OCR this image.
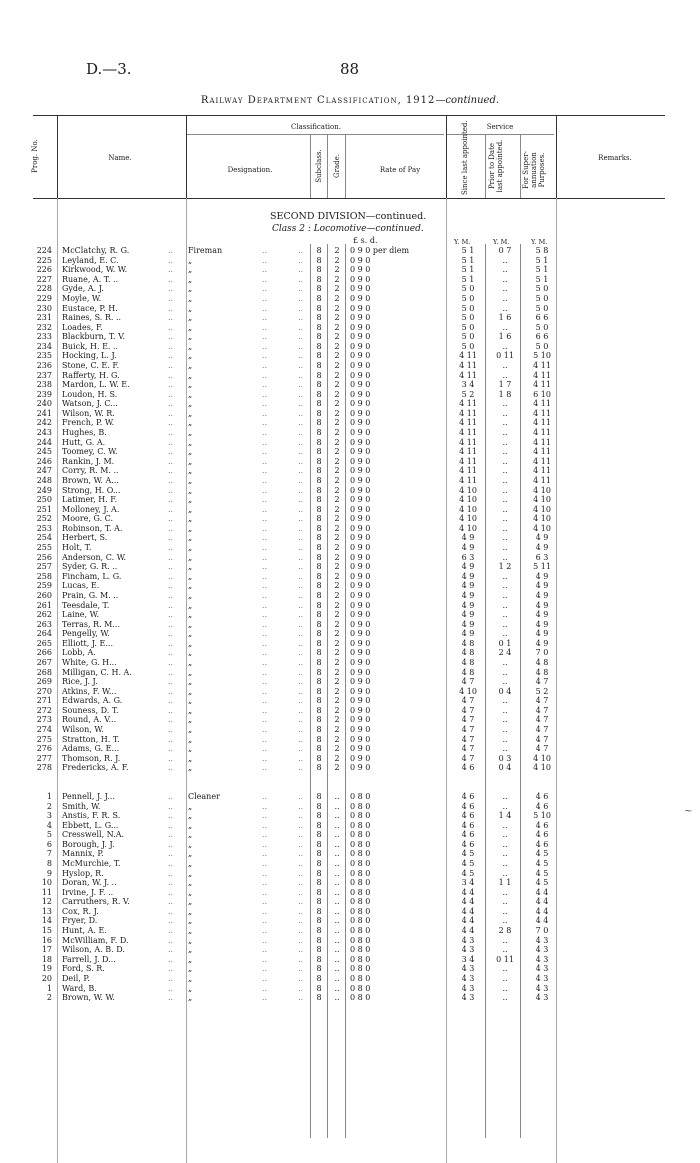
D.—3.	88
Railway Department Classification, 1912—continued.
Prog. No.	Name.
Classification.
Designation.	Subclass. Grade.	Rate of Pay
Service
Since last appointed.	Prior to Date last appointed.	For Super-annuation Purposes.	Remarks.
SECOND DIVISION—continued.
Class 2 : Locomotive—continued.
£ s. d.	Y. M.	Y. M.	Y. M.
224 McClatchy, R. G.	Fireman	8	2	0 9 0 per diem	5 1	0 7	5 8
..	..	..
225 Leyland, E. C.	„	8	2	0 9 0	5 1	..	5 1
..	..	..
226 Kirkwood, W. W.	„	8	2	0 9 0	5 1	..	5 1
..	..	..
227 Ruane, A. T. ..	„	8	2	0 9 0	5 1	..	5 1
..	..	..
228 Gyde, A. J.	„	8	2	0 9 0	5 0	..	5 0
..	..	..
229 Moyle, W.	„	8	2	0 9 0	5 0	..	5 0
..	..	..
230 Eustace, P. H.	„	8	2	0 9 0	5 0	..	5 0
..	..	..
231 Raines, S. R. ..	„	8	2	0 9 0	5 0	1 6	6 6
..	..	..
232 Loades, F.	„	8	2	0 9 0	5 0	..	5 0
..	..	..
233 Blackburn, T. V.	„	8	2	0 9 0	5 0	1 6	6 6
..	..	..
234 Buick, H. E. ..	„	8	2	0 9 0	5 0	..	5 0
..	..	..
235 Hocking, L. J.	„	8	2	0 9 0	4 11	0 11	5 10
..	..	..
236 Stone, C. E. F.	„	8	2	0 9 0	4 11	..	4 11
..	..	..
237 Rafferty, H. G.	„	8	2	0 9 0	4 11	..	4 11
..	..	..
238 Mardon, L. W. E.	„	8	2	0 9 0	3 4	1 7	4 11
..	..	..
239 Loudon, H. S.	„	8	2	0 9 0	5 2	1 8	6 10
..	..	..
240 Watson, J. C...	„	8	2	0 9 0	4 11	..	4 11
..	..	..
241 Wilson, W. R.	„	8	2	0 9 0	4 11	..	4 11
..	..	..
242 French, P. W.	„	8	2	0 9 0	4 11	..	4 11
..	..	..
243 Hughes, B.	„	8	2	0 9 0	4 11	..	4 11
..	..	..
244 Hutt, G. A.	„	8	2	0 9 0	4 11	..	4 11
..	..	..
245 Toomey, C. W.	„	8	2	0 9 0	4 11	..	4 11
..	..	..
246 Rankin, J. M.	„	8	2	0 9 0	4 11	..	4 11
..	..	..
247 Corry, R. M. ..	„	8	2	0 9 0	4 11	..	4 11
..	..	..
248 Brown, W. A...	„	8	2	0 9 0	4 11	..	4 11
..	..	..
249 Strong, H. O...	„	8	2	0 9 0	4 10	..	4 10
..	..	..
250 Latimer, H. F.	„	8	2	0 9 0	4 10	..	4 10
..	..	..
251 Molloney, J. A.	„	8	2	0 9 0	4 10	..	4 10
..	..	..
252 Moore, G. C.	„	8	2	0 9 0	4 10	..	4 10
..	..	..
253 Robinson, T. A.	„	8	2	0 9 0	4 10	..	4 10
..	..	..
254 Herbert, S.	„	8	2	0 9 0	4 9	..	4 9
..	..	..
255 Holt, T.	„	8	2	0 9 0	4 9	..	4 9
..	..	..
256 Anderson, C. W.	„	8	2	0 9 0	6 3	..	6 3
..	..	..
257 Syder, G. R. ..	„	8	2	0 9 0	4 9	1 2	5 11
..	..	..
258 Fincham, L. G.	„	8	2	0 9 0	4 9	..	4 9
..	..	..
259 Lucas, E.	„	8	2	0 9 0	4 9	..	4 9
..	..	..
260 Prain, G. M. ..	„	8	2	0 9 0	4 9	..	4 9
..	..	..
261 Teesdale, T.	„	8	2	0 9 0	4 9	..	4 9
..	..	..
262 Laine, W.	„	8	2	0 9 0	4 9	..	4 9
..	..	..
263 Terras, R. M...	„	8	2	0 9 0	4 9	..	4 9
..	..	..
264 Pengelly, W.	„	8	2	0 9 0	4 9	..	4 9
..	..	..
265 Elliott, J. E...	„	8	2	0 9 0	4 8	0 1	4 9
..	..	..
266 Lobb, A.	„	8	2	0 9 0	4 8	2 4	7 0
..	..	..
267 White, G. H...	„	8	2	0 9 0	4 8	..	4 8
..	..	..
268 Milligan, C. H. A.	„	8	2	0 9 0	4 8	..	4 8
..	..	..
269 Rice, J. J.	„	8	2	0 9 0	4 7	..	4 7
..	..	..
270 Atkins, F. W...	„	8	2	0 9 0	4 10	0 4	5 2
..	..	..
271 Edwards, A. G.	„	8	2	0 9 0	4 7	..	4 7
..	..	..
272 Souness, D. T.	„	8	2	0 9 0	4 7	..	4 7
..	..	..
273 Round, A. V...	„	8	2	0 9 0	4 7	..	4 7
..	..	..
274 Wilson, W.	„	8	2	0 9 0	4 7	..	4 7
..	..	..
275 Stratton, H. T.	„	8	2	0 9 0	4 7	..	4 7
..	..	..
276 Adams, G. E...	„	8	2	0 9 0	4 7	..	4 7
..	..	..
277 Thomson, R. J.	„	8	2	0 9 0	4 7	0 3	4 10
..	..	..
278 Fredericks, A. F.	„	8	2	0 9 0	4 6	0 4	4 10
..	..	..
1 Pennell, J. J...	Cleaner	8	..	0 8 0	4 6	..	4 6
..	..	..
2 Smith, W.	„	8	..	0 8 0	4 6	..	4 6
..	..	..
3 Anstis, F. R. S.	„	8	..	0 8 0	4 6	1 4	5 10
..	..	..
4 Ebbett, L. G...	„	8	..	0 8 0	4 6	..	4 6
..	..	..
5 Cresswell, N.A.	„	8	..	0 8 0	4 6	..	4 6
..	..	..
6 Borough, J. J.	„	8	..	0 8 0	4 6	..	4 6
..	..	..
7 Mannix, P.	„	8	..	0 8 0	4 5	..	4 5
..	..	..
8 McMurchie, T.	„	8	..	0 8 0	4 5	..	4 5
..	..	..
9 Hyslop, R.	„	8	..	0 8 0	4 5	..	4 5
..	..	..
10 Doran, W. J. ..	„	8	..	0 8 0	3 4	1 1	4 5
..	..	..
11 Irvine, J. F. ..	„	8	..	0 8 0	4 4	..	4 4
..	..	..
12 Carruthers, R. V.	„	8	..	0 8 0	4 4	..	4 4
..	..	..
13 Cox, R. J.	„	8	..	0 8 0	4 4	..	4 4
..	..	..
14 Fryer, D.	„	8	..	0 8 0	4 4	..	4 4
..	..	..
15 Hunt, A. E.	„	8	..	0 8 0	4 4	2 8	7 0
..	..	..
16 McWilliam, F. D.	„	8	..	0 8 0	4 3	..	4 3
..	..	..
17 Wilson, A. B. D.	„	8	..	0 8 0	4 3	..	4 3
..	..	..
18 Farrell, J. D...	„	8	..	0 8 0	3 4	0 11	4 3
..	..	..
19 Ford, S. R.	„	8	..	0 8 0	4 3	..	4 3
..	..	..
20 Deil, P.	„	8	..	0 8 0	4 3	..	4 3
..	..	..
1 Ward, B.	„	8	..	0 8 0	4 3	..	4 3
..	..	..
2 Brown, W. W.	„	8	..	0 8 0	4 3	..	4 3
..	..	..
~
